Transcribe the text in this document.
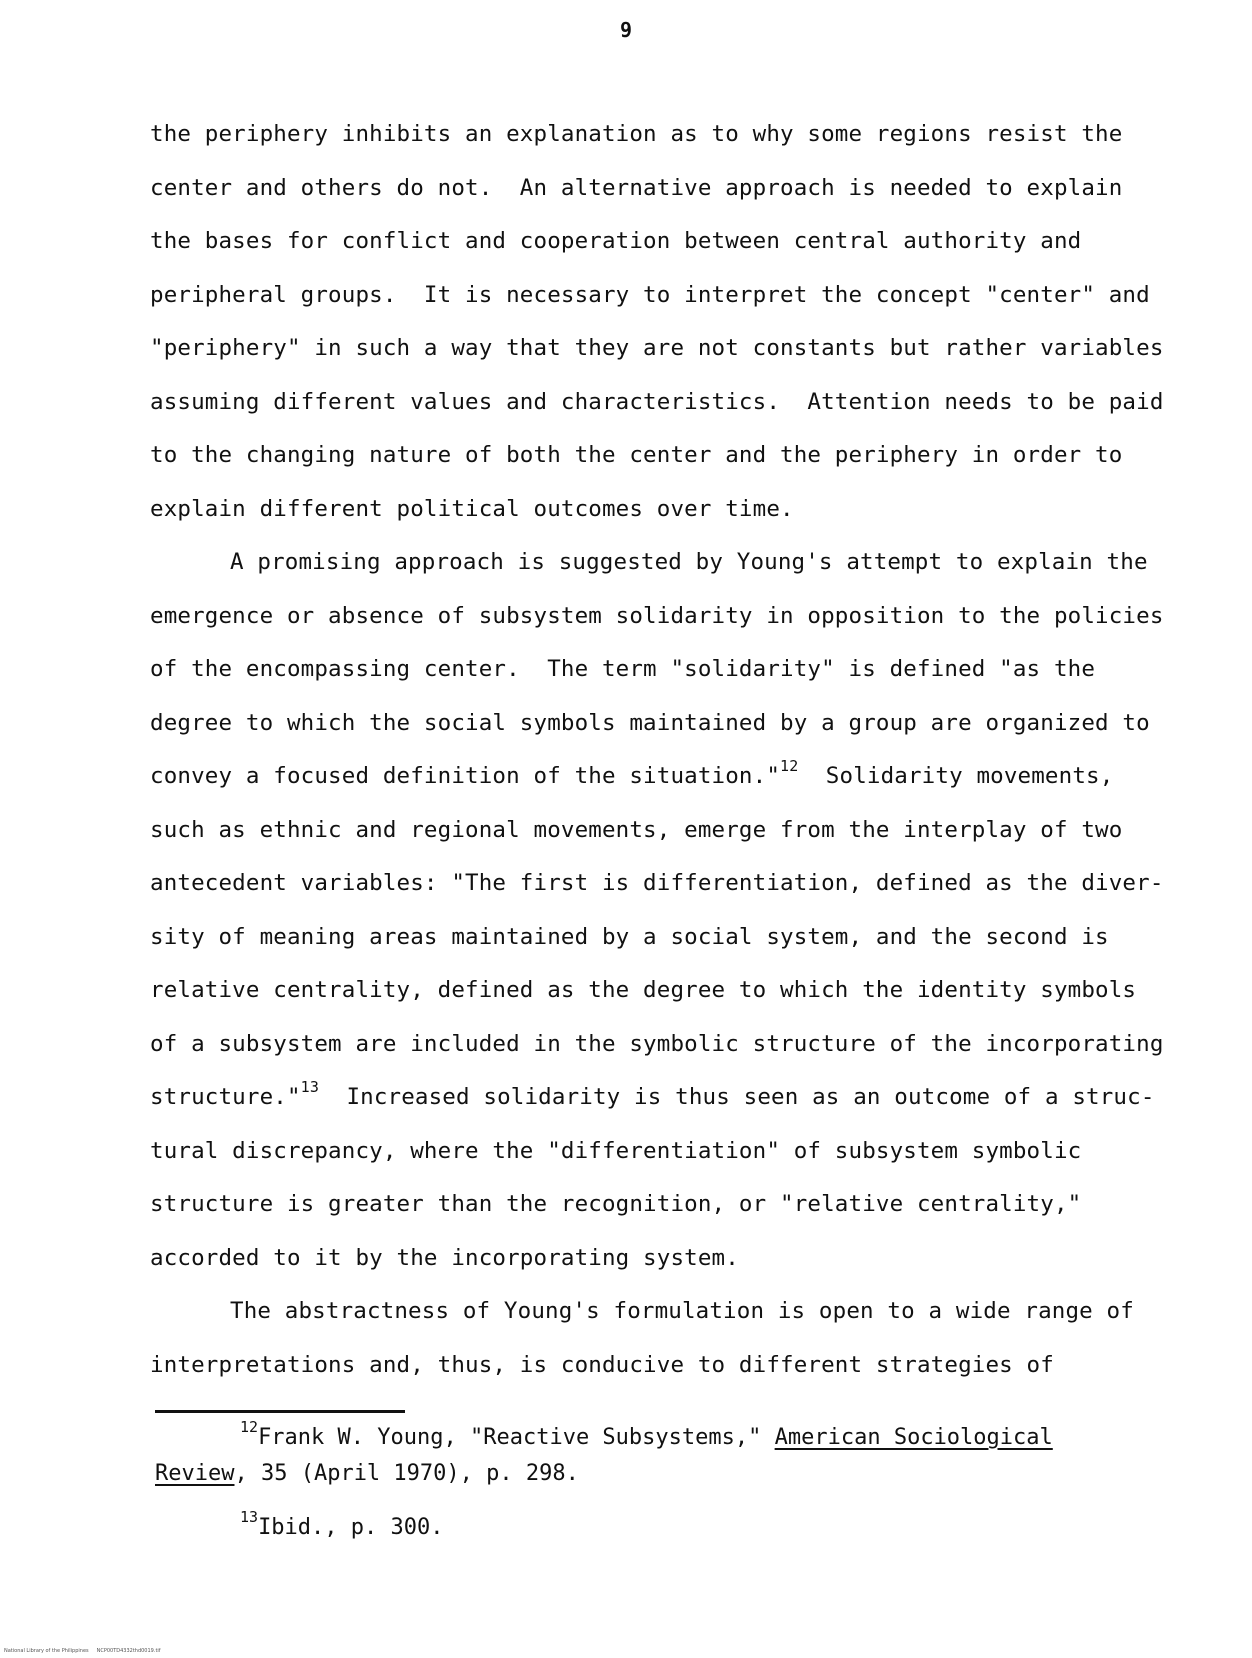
9
the periphery inhibits an explanation as to why some regions resist the
center and others do not.  An alternative approach is needed to explain
the bases for conflict and cooperation between central authority and
peripheral groups.  It is necessary to interpret the concept "center" and
"periphery" in such a way that they are not constants but rather variables
assuming different values and characteristics.  Attention needs to be paid
to the changing nature of both the center and the periphery in order to
explain different political outcomes over time.
A promising approach is suggested by Young's attempt to explain the
emergence or absence of subsystem solidarity in opposition to the policies
of the encompassing center.  The term "solidarity" is defined "as the
degree to which the social symbols maintained by a group are organized to
convey a focused definition of the situation."$^{12}$  Solidarity movements,
such as ethnic and regional movements, emerge from the interplay of two
antecedent variables: "The first is differentiation, defined as the diver-
sity of meaning areas maintained by a social system, and the second is
relative centrality, defined as the degree to which the identity symbols
of a subsystem are included in the symbolic structure of the incorporating
structure."$^{13}$  Increased solidarity is thus seen as an outcome of a struc-
tural discrepancy, where the "differentiation" of subsystem symbolic
structure is greater than the recognition, or "relative centrality,"
accorded to it by the incorporating system.
The abstractness of Young's formulation is open to a wide range of
interpretations and, thus, is conducive to different strategies of
$^{12}$Frank W. Young, "Reactive Subsystems," American Sociological
Review, 35 (April 1970), p. 298.
$^{13}$Ibid., p. 300.
National Library of the Philippines     NCP00TD4332thd0019.tif
